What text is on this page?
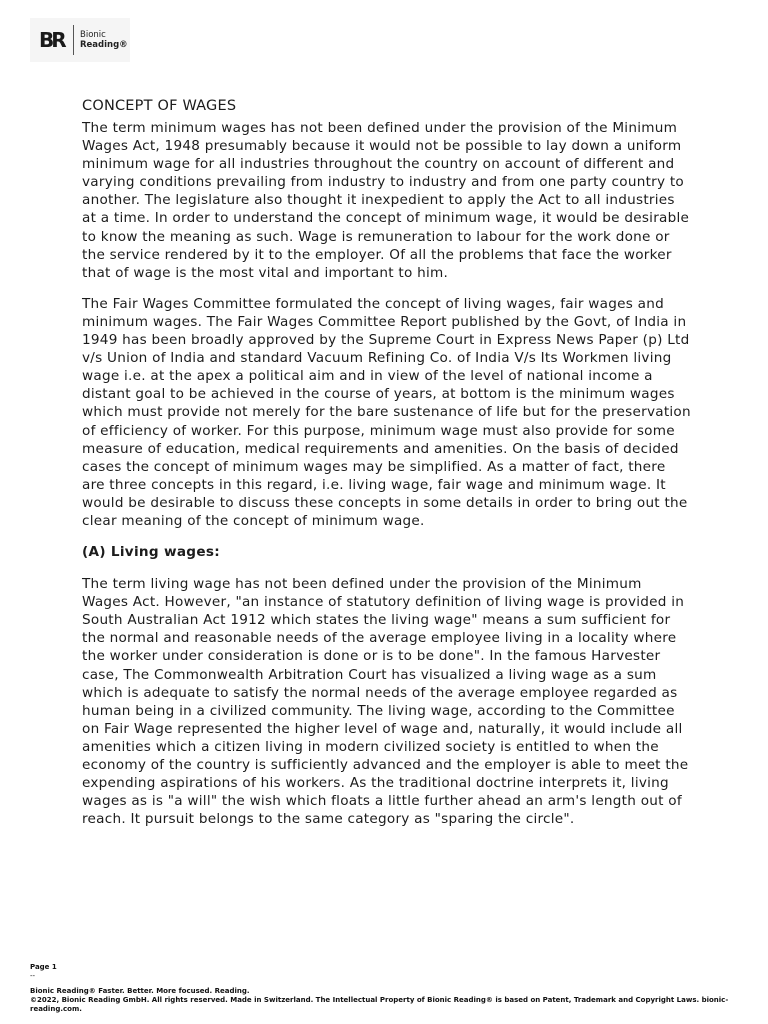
BR	Bionic
Reading®
CONCEPT OF WAGES

The term minimum wages has not been defined under the provision of the Minimum Wages Act, 1948 presumably because it would not be possible to lay down a uniform minimum wage for all industries throughout the country on account of different and varying conditions prevailing from industry to industry and from one party country to another. The legislature also thought it inexpedient to apply the Act to all industries at a time. In order to understand the concept of minimum wage, it would be desirable to know the meaning as such. Wage is remuneration to labour for the work done or the service rendered by it to the employer. Of all the problems that face the worker that of wage is the most vital and important to him.

The Fair Wages Committee formulated the concept of living wages, fair wages and minimum wages. The Fair Wages Committee Report published by the Govt, of India in 1949 has been broadly approved by the Supreme Court in Express News Paper (p) Ltd v/s Union of India and standard Vacuum Refining Co. of India V/s Its Workmen living wage i.e. at the apex a political aim and in view of the level of national income a distant goal to be achieved in the course of years, at bottom is the minimum wages which must provide not merely for the bare sustenance of life but for the preservation of efficiency of worker. For this purpose, minimum wage must also provide for some measure of education, medical requirements and amenities. On the basis of decided cases the concept of minimum wages may be simplified. As a matter of fact, there are three concepts in this regard, i.e. living wage, fair wage and minimum wage. It would be desirable to discuss these concepts in some details in order to bring out the clear meaning of the concept of minimum wage.

(A) Living wages:

The term living wage has not been defined under the provision of the Minimum Wages Act. However, "an instance of statutory definition of living wage is provided in South Australian Act 1912 which states the living wage" means a sum sufficient for the normal and reasonable needs of the average employee living in a locality where the worker under consideration is done or is to be done". In the famous Harvester case, The Commonwealth Arbitration Court has visualized a living wage as a sum which is adequate to satisfy the normal needs of the average employee regarded as human being in a civilized community. The living wage, according to the Committee on Fair Wage represented the higher level of wage and, naturally, it would include all amenities which a citizen living in modern civilized society is entitled to when the economy of the country is sufficiently advanced and the employer is able to meet the expending aspirations of his workers. As the traditional doctrine interprets it, living wages as is "a will" the wish which floats a little further ahead an arm's length out of reach. It pursuit belongs to the same category as "sparing the circle".

Page 1
--
Bionic Reading® Faster. Better. More focused. Reading.
©2022, Bionic Reading GmbH. All rights reserved. Made in Switzerland. The Intellectual Property of Bionic Reading® is based on Patent, Trademark and Copyright Laws. bionic-reading.com.
